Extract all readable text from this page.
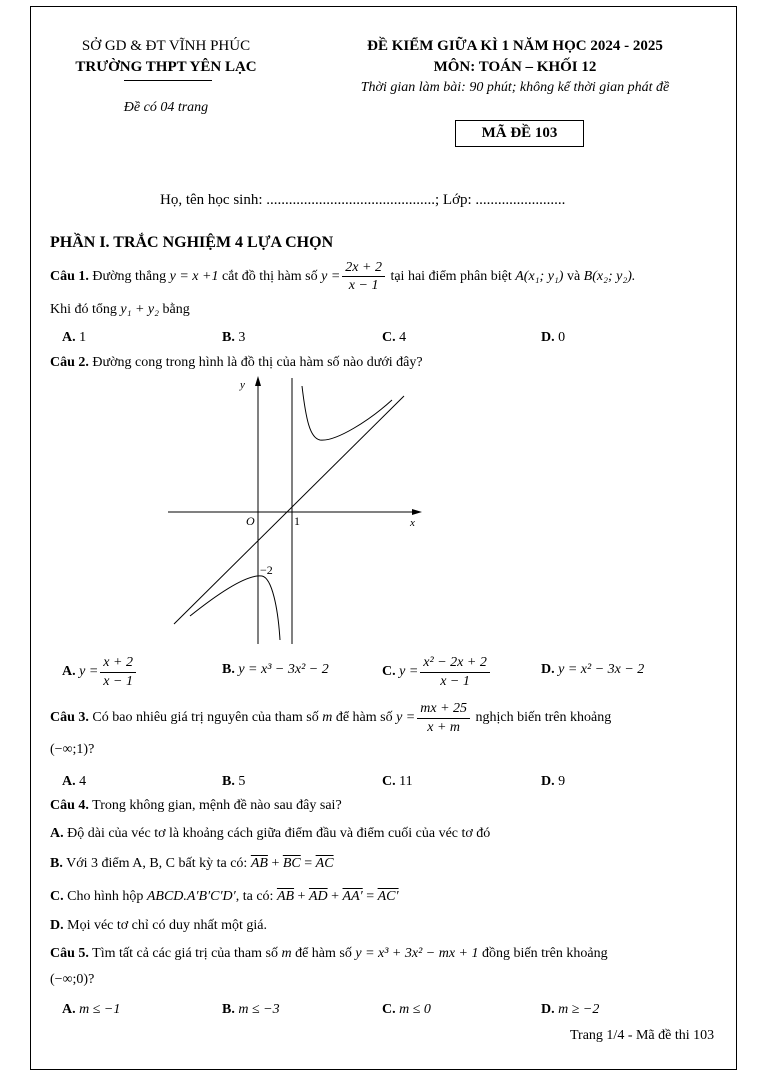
SỞ GD & ĐT VĨNH PHÚC
TRƯỜNG THPT YÊN LẠC
Đề có 04 trang
ĐỀ KIỂM GIỮA KÌ 1 NĂM HỌC 2024 - 2025
MÔN: TOÁN – KHỐI 12
Thời gian làm bài: 90 phút; không kể thời gian phát đề
MÃ ĐỀ 103
Họ, tên học sinh: .............................................; Lớp: ........................
PHẦN I. TRẮC NGHIỆM 4 LỰA CHỌN
Câu 1. Đường thẳng y = x +1 cắt đồ thị hàm số $y = \frac{2x + 2}{x - 1}$ tại hai điểm phân biệt A(x₁; y₁) và B(x₂; y₂).
Khi đó tổng y₁ + y₂ bằng
A. 1	B. 3	C. 4	D. 0
Câu 2. Đường cong trong hình là đồ thị của hàm số nào dưới đây?
y
x
O	1
−2
A. $y = \frac{x + 2}{x - 1}$	B. y = x³ − 3x² − 2	C. $y = \frac{\text{x² − 2x + 2}}{x - 1}$	D. y = x² − 3x − 2
Câu 3. Có bao nhiêu giá trị nguyên của tham số m để hàm số $y = \frac{mx + 25}{x + m}$ nghịch biến trên khoảng
(−∞;1)?
A. 4	B. 5	C. 11	D. 9
Câu 4. Trong không gian, mệnh đề nào sau đây sai?
A. Độ dài của véc tơ là khoảng cách giữa điểm đầu và điểm cuối của véc tơ đó
B. Với 3 điểm A, B, C bất kỳ ta có: $\overline{AB} + \overline{BC} = \overline{AC}$
C. Cho hình hộp ABCD.A′B′C′D′, ta có: $\overline{AB} + \overline{AD} + AA' = AC'$
D. Mọi véc tơ chỉ có duy nhất một giá.
Câu 5. Tìm tất cả các giá trị của tham số m để hàm số y = x³ + 3x² − mx + 1 đồng biến trên khoảng
(−∞;0)?
A. m ≤ −1	B. m ≤ −3	C. m ≤ 0	D. m ≥ −2
Trang 1/4 - Mã đề thi 103
